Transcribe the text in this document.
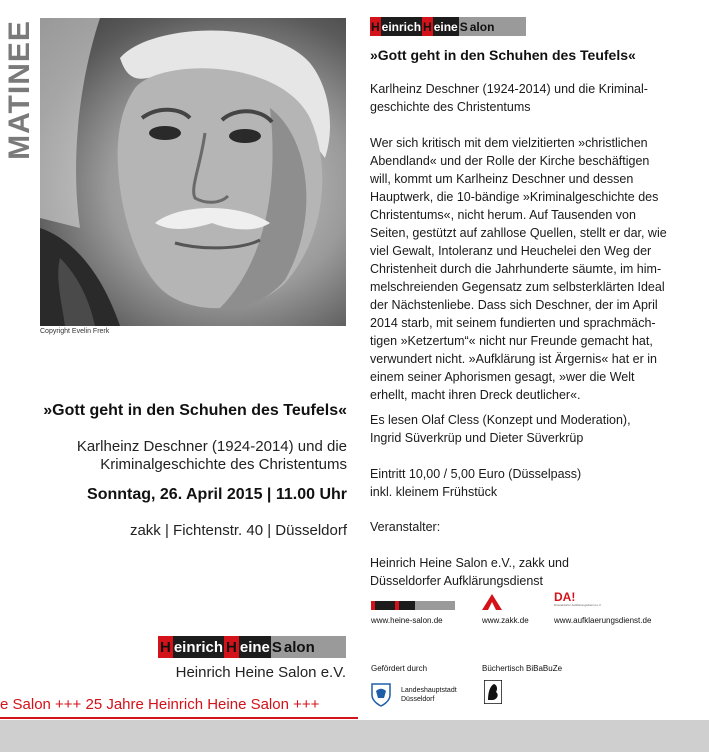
MATINEE
Copyright Evelin Frerk
»Gott geht in den Schuhen des Teufels«
Karlheinz Deschner (1924-2014) und die
Kriminalgeschichte des Christentums
Sonntag, 26. April 2015 | 11.00 Uhr
zakk | Fichtenstr. 40 | Düsseldorf
H einrich H eine S alon
Heinrich Heine Salon e.V.
e Salon +++ 25 Jahre Heinrich Heine Salon +++
H einrich H eine S alon
»Gott geht in den Schuhen des Teufels«
Karlheinz Deschner (1924-2014) und die Kriminal-
geschichte des Christentums
Wer sich kritisch mit dem vielzitierten »christlichen
Abendland« und der Rolle der Kirche beschäftigen
will, kommt um Karlheinz Deschner und dessen
Hauptwerk, die 10-bändige »Kriminalgeschichte des
Christentums«, nicht herum. Auf Tausenden von
Seiten, gestützt auf zahllose Quellen, stellt er dar, wie
viel Gewalt, Intoleranz und Heuchelei den Weg der
Christenheit durch die Jahrhunderte säumte, im him-
melschreienden Gegensatz zum selbsterklärten Ideal
der Nächstenliebe. Dass sich Deschner, der im April
2014 starb, mit seinem fundierten und sprachmäch-
tigen »Ketzertum“« nicht nur Freunde gemacht hat,
verwundert nicht. »Aufklärung ist Ärgernis« hat er in
einem seiner Aphorismen gesagt, »wer die Welt
erhellt, macht ihren Dreck deutlicher«.
Es lesen Olaf Cless (Konzept und Moderation),
Ingrid Süverkrüp und Dieter Süverkrüp
Eintritt 10,00 / 5,00 Euro (Düsselpass)
inkl. kleinem Frühstück
Veranstalter:
Heinrich Heine Salon e.V., zakk und
Düsseldorfer Aufklärungsdienst
DA!
Düsseldorfer Aufklärungsdienst e.V.
www.heine-salon.de	www.zakk.de	www.aufklaerungsdienst.de
Gefördert durch	Büchertisch BiBaBuZe
Landeshauptstadt
Düsseldorf
